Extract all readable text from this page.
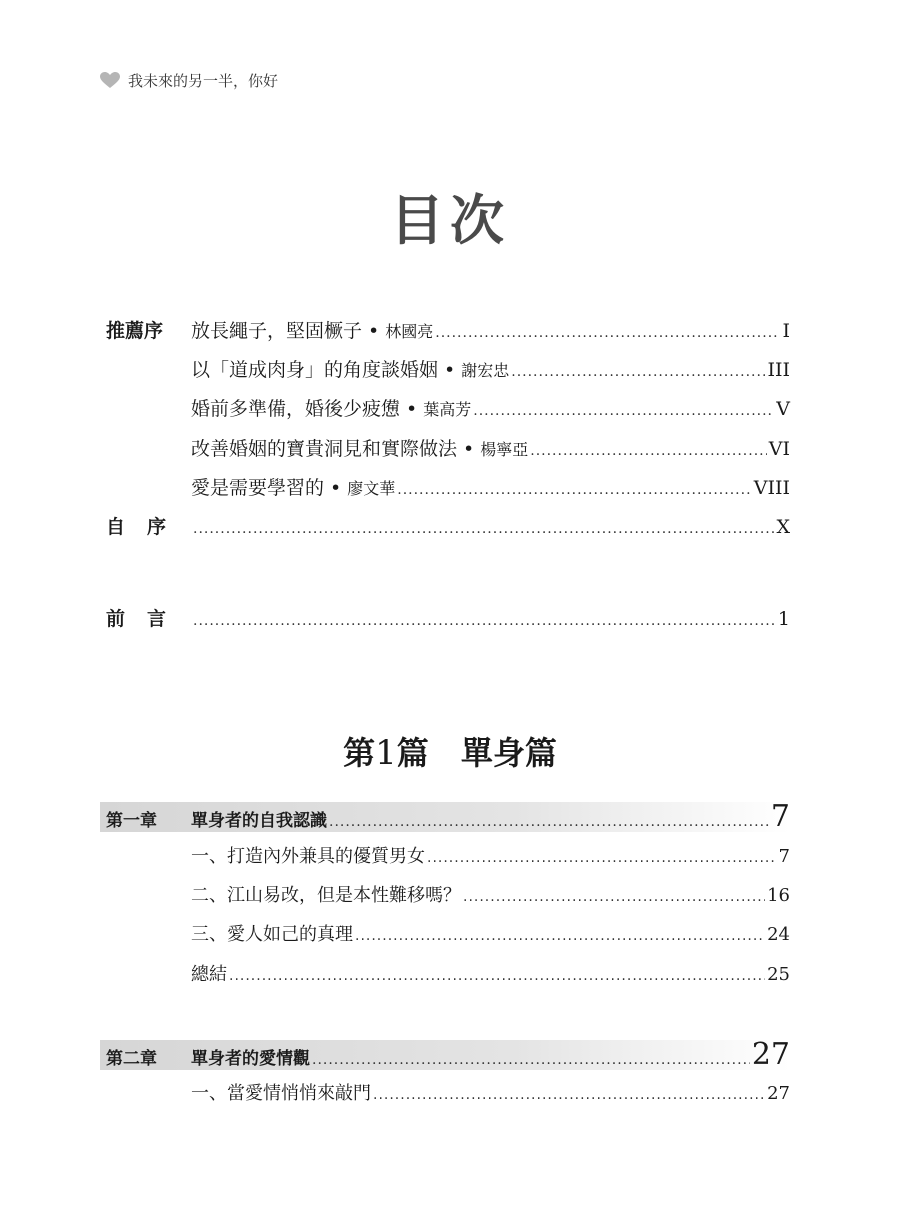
我未來的另一半，你好
目次
推薦序	放長繩子，堅固橛子 • 林國亮 .....	I
以「道成肉身」的角度談婚姻 • 謝宏忠 .....	III
婚前多準備，婚後少疲憊 • 葉高芳 .....	V
改善婚姻的寶貴洞見和實際做法 • 楊寧亞 .....	VI
愛是需要學習的 • 廖文華 .....	VIII
自序 .....	X
前言 .....	1
第1篇　 單身篇
第一章	單身者的自我認識 .....	7
一、打造內外兼具的優質男女 .....	7
二、江山易改，但是本性難移嗎？ .....	16
三、愛人如己的真理 .....	24
總結 .....	25
第二章	單身者的愛情觀 .....	27
一、當愛情悄悄來敲門 .....	27
